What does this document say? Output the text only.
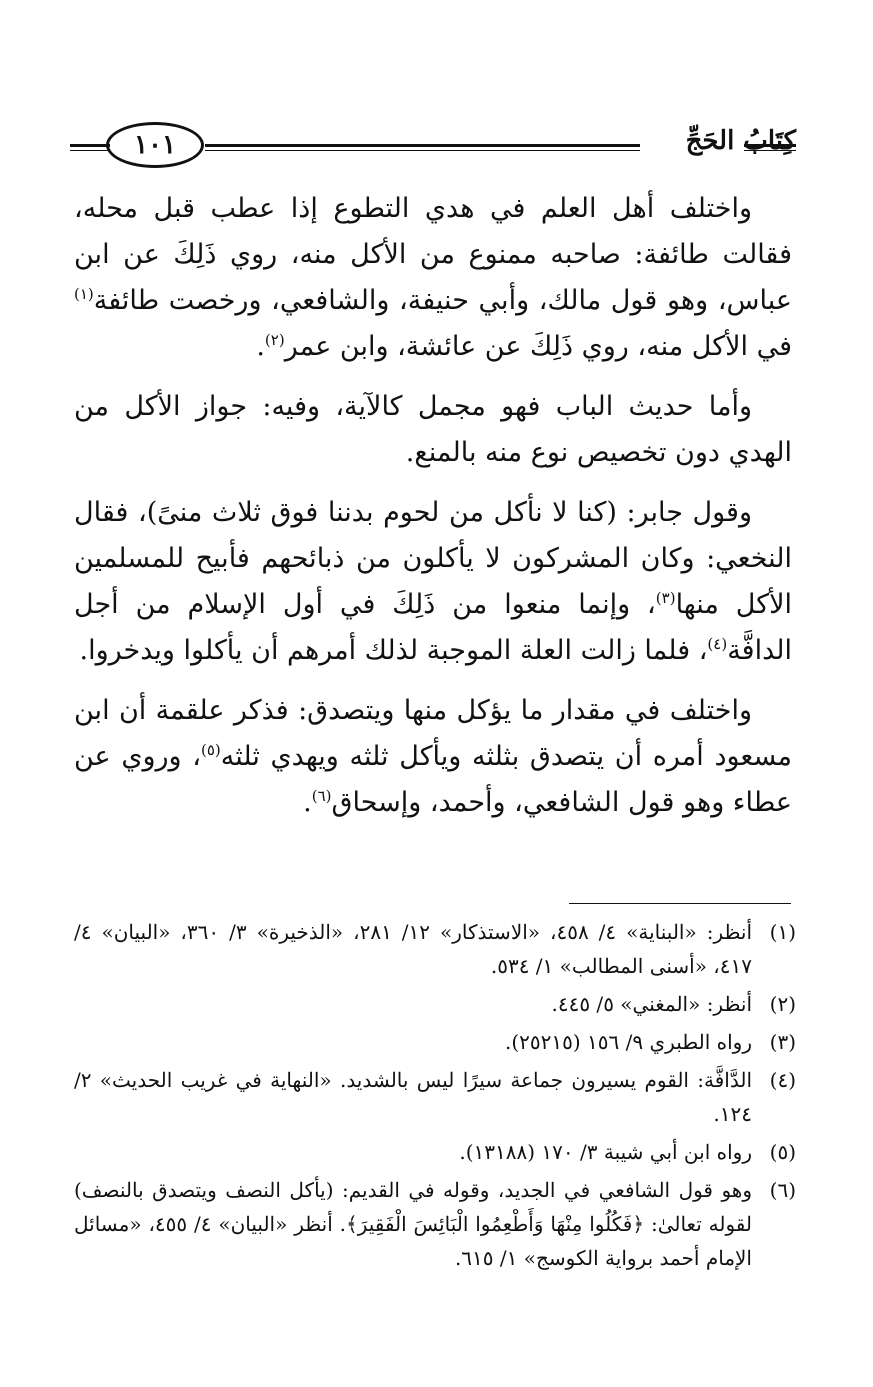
كِتَابُ الحَجِّ
١٠١

واختلف أهل العلم في هدي التطوع إذا عطب قبل محله، فقالت طائفة: صاحبه ممنوع من الأكل منه، روي ذَلِكَ عن ابن عباس، وهو قول مالك، وأبي حنيفة، والشافعي، ورخصت طائفة$^{(١)}$ في الأكل منه، روي ذَلِكَ عن عائشة، وابن عمر$^{(٢)}$.

وأما حديث الباب فهو مجمل كالآية، وفيه: جواز الأكل من الهدي دون تخصيص نوع منه بالمنع.

وقول جابر: (كنا لا نأكل من لحوم بدننا فوق ثلاث منىً)، فقال النخعي: وكان المشركون لا يأكلون من ذبائحهم فأبيح للمسلمين الأكل منها$^{(٣)}$، وإنما منعوا من ذَلِكَ في أول الإسلام من أجل الدافَّة$^{(٤)}$، فلما زالت العلة الموجبة لذلك أمرهم أن يأكلوا ويدخروا.

واختلف في مقدار ما يؤكل منها ويتصدق: فذكر علقمة أن ابن مسعود أمره أن يتصدق بثلثه ويأكل ثلثه ويهدي ثلثه$^{(٥)}$، وروي عن عطاء وهو قول الشافعي، وأحمد، وإسحاق$^{(٦)}$.

(١)
أنظر: «البناية» ٤/ ٤٥٨، «الاستذكار» ١٢/ ٢٨١، «الذخيرة» ٣/ ٣٦٠، «البيان» ٤/ ٤١٧، «أسنى المطالب» ١/ ٥٣٤.
(٢)
أنظر: «المغني» ٥/ ٤٤٥.
(٣)
رواه الطبري ٩/ ١٥٦ (٢٥٢١٥).
(٤)
الدَّافَّة: القوم يسيرون جماعة سيرًا ليس بالشديد. «النهاية في غريب الحديث» ٢/ ١٢٤.
(٥)
رواه ابن أبي شيبة ٣/ ١٧٠ (١٣١٨٨).
(٦)
وهو قول الشافعي في الجديد، وقوله في القديم: (يأكل النصف ويتصدق بالنصف) لقوله تعالىٰ: ﴿فَكُلُوا مِنْهَا وَأَطْعِمُوا الْبَائِسَ الْفَقِيرَ﴾. أنظر «البيان» ٤/ ٤٥٥، «مسائل الإمام أحمد برواية الكوسج» ١/ ٦١٥.
